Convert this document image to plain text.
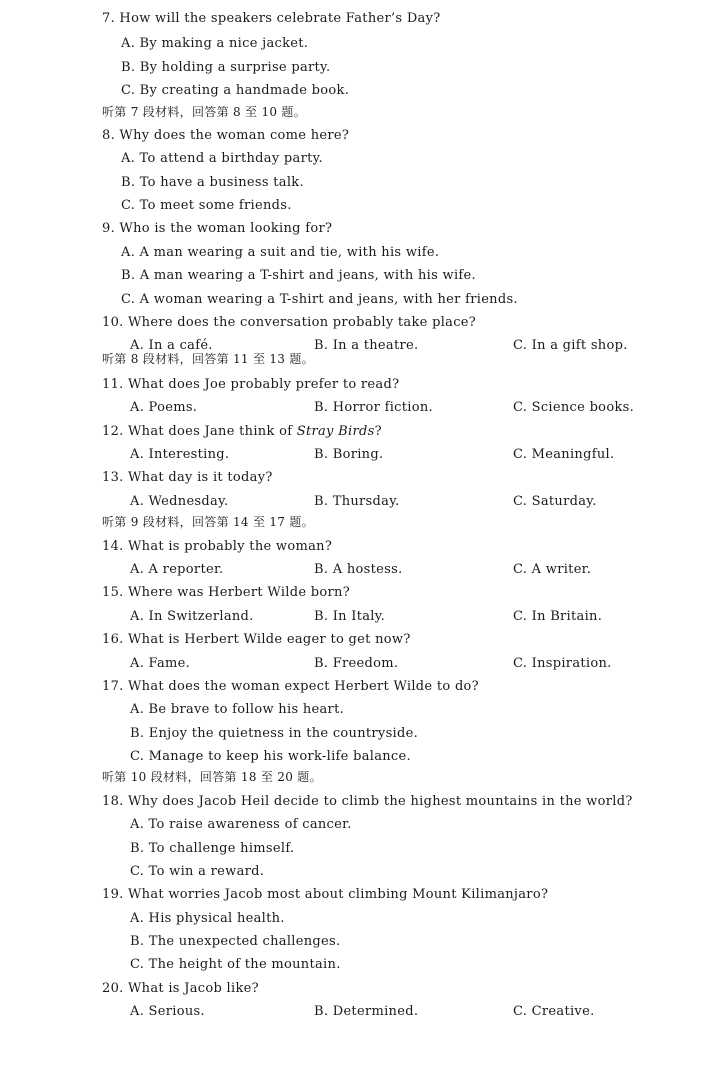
7. How will the speakers celebrate Father’s Day?
A. By making a nice jacket.
B. By holding a surprise party.
C. By creating a handmade book.
听第 7 段材料，回答第 8 至 10 题。
8. Why does the woman come here?
A. To attend a birthday party.
B. To have a business talk.
C. To meet some friends.
9. Who is the woman looking for?
A. A man wearing a suit and tie, with his wife.
B. A man wearing a T-shirt and jeans, with his wife.
C. A woman wearing a T-shirt and jeans, with her friends.
10. Where does the conversation probably take place?
A. In a café.	B. In a theatre.	C. In a gift shop.
听第 8 段材料，回答第 11 至 13 题。
11. What does Joe probably prefer to read?
A. Poems.	B. Horror fiction.	C. Science books.
12. What does Jane think of Stray Birds?
A. Interesting.	B. Boring.	C. Meaningful.
13. What day is it today?
A. Wednesday.	B. Thursday.	C. Saturday.
听第 9 段材料，回答第 14 至 17 题。
14. What is probably the woman?
A. A reporter.	B. A hostess.	C. A writer.
15. Where was Herbert Wilde born?
A. In Switzerland.	B. In Italy.	C. In Britain.
16. What is Herbert Wilde eager to get now?
A. Fame.	B. Freedom.	C. Inspiration.
17. What does the woman expect Herbert Wilde to do?
A. Be brave to follow his heart.
B. Enjoy the quietness in the countryside.
C. Manage to keep his work-life balance.
听第 10 段材料，回答第 18 至 20 题。
18. Why does Jacob Heil decide to climb the highest mountains in the world?
A. To raise awareness of cancer.
B. To challenge himself.
C. To win a reward.
19. What worries Jacob most about climbing Mount Kilimanjaro?
A. His physical health.
B. The unexpected challenges.
C. The height of the mountain.
20. What is Jacob like?
A. Serious.	B. Determined.	C. Creative.
